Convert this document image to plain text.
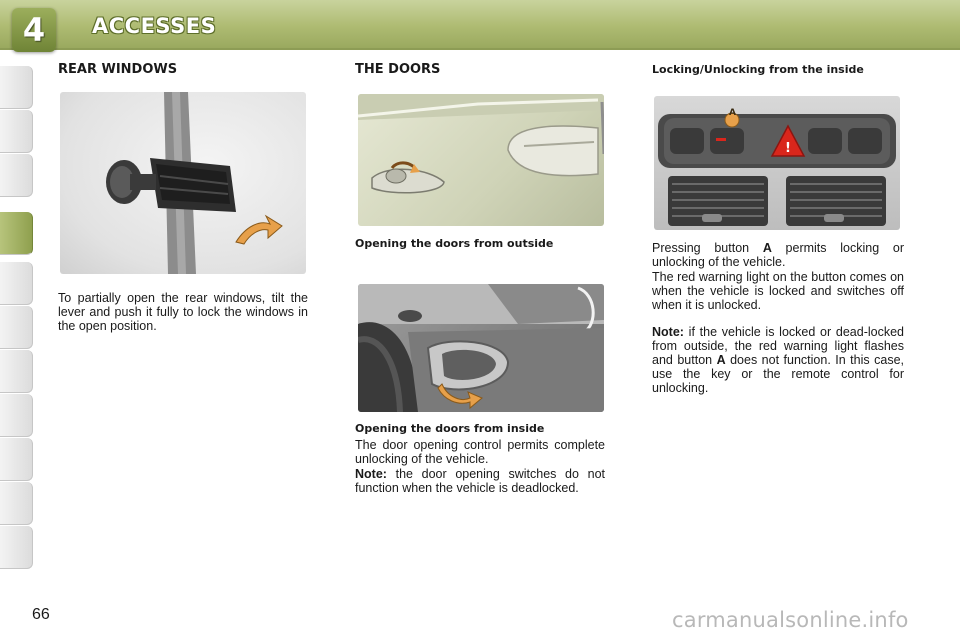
4 ACCESSES
REAR WINDOWS

To partially open the rear windows, tilt the lever and push it fully to lock the windows in the open position.

THE DOORS
Opening the doors from outside
Opening the doors from inside

The door opening control permits complete unlocking of the vehicle.

Note: the door opening switches do not function when the vehicle is deadlocked.

Locking/Unlocking from the inside
!
A

Pressing button A permits locking or unlocking of the vehicle.

The red warning light on the button comes on when the vehicle is locked and switches off when it is unlocked.

Note: if the vehicle is locked or dead-locked from outside, the red warning light flashes and button A does not function. In this case, use the key or the remote control for unlocking.

66	carmanualsonline.info
